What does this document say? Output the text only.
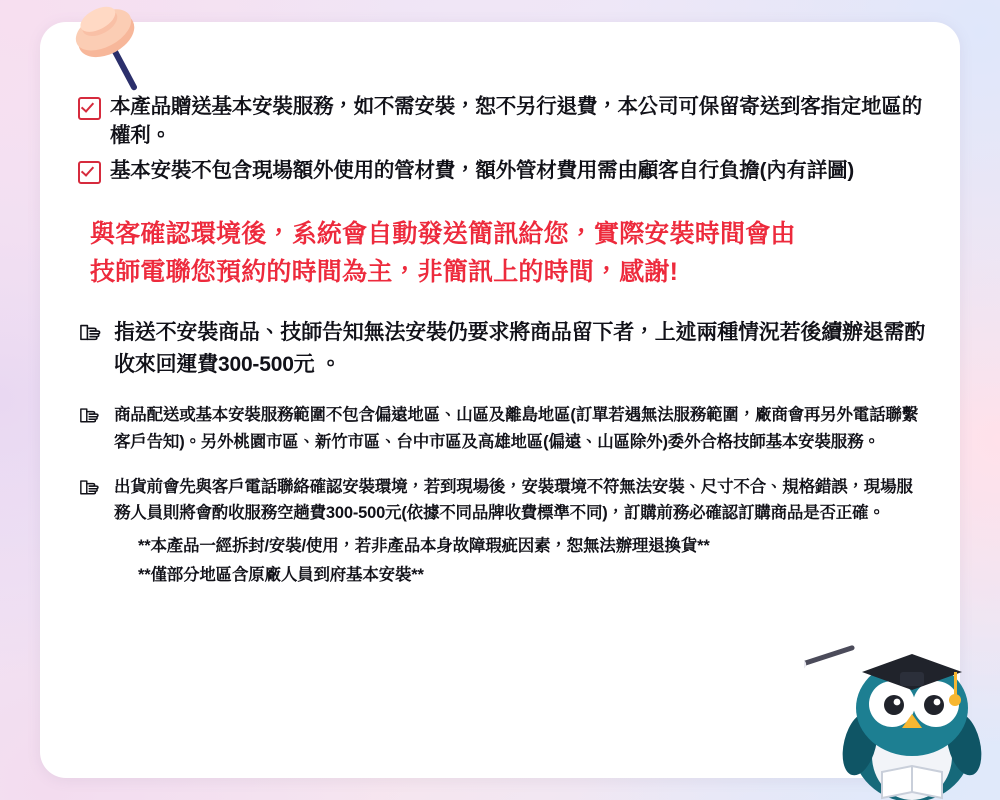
本產品贈送基本安裝服務，如不需安裝，恕不另行退費，本公司可保留寄送到客指定地區的權利。
基本安裝不包含現場額外使用的管材費，額外管材費用需由顧客自行負擔(內有詳圖)
與客確認環境後，系統會自動發送簡訊給您，實際安裝時間會由
技師電聯您預約的時間為主，非簡訊上的時間，感謝!
指送不安裝商品、技師告知無法安裝仍要求將商品留下者，上述兩種情況若後續辦退需酌收來回運費300-500元 。
商品配送或基本安裝服務範圍不包含偏遠地區、山區及離島地區(訂單若遇無法服務範圍，廠商會再另外電話聯繫客戶告知)。另外桃園市區、新竹市區、台中市區及高雄地區(偏遠、山區除外)委外合格技師基本安裝服務。
出貨前會先與客戶電話聯絡確認安裝環境，若到現場後，安裝環境不符無法安裝、尺寸不合、規格錯誤，現場服務人員則將會酌收服務空趟費300-500元(依據不同品牌收費標準不同)，訂購前務必確認訂購商品是否正確。
**本產品一經拆封/安裝/使用，若非產品本身故障瑕疵因素，恕無法辦理退換貨**
**僅部分地區含原廠人員到府基本安裝**
